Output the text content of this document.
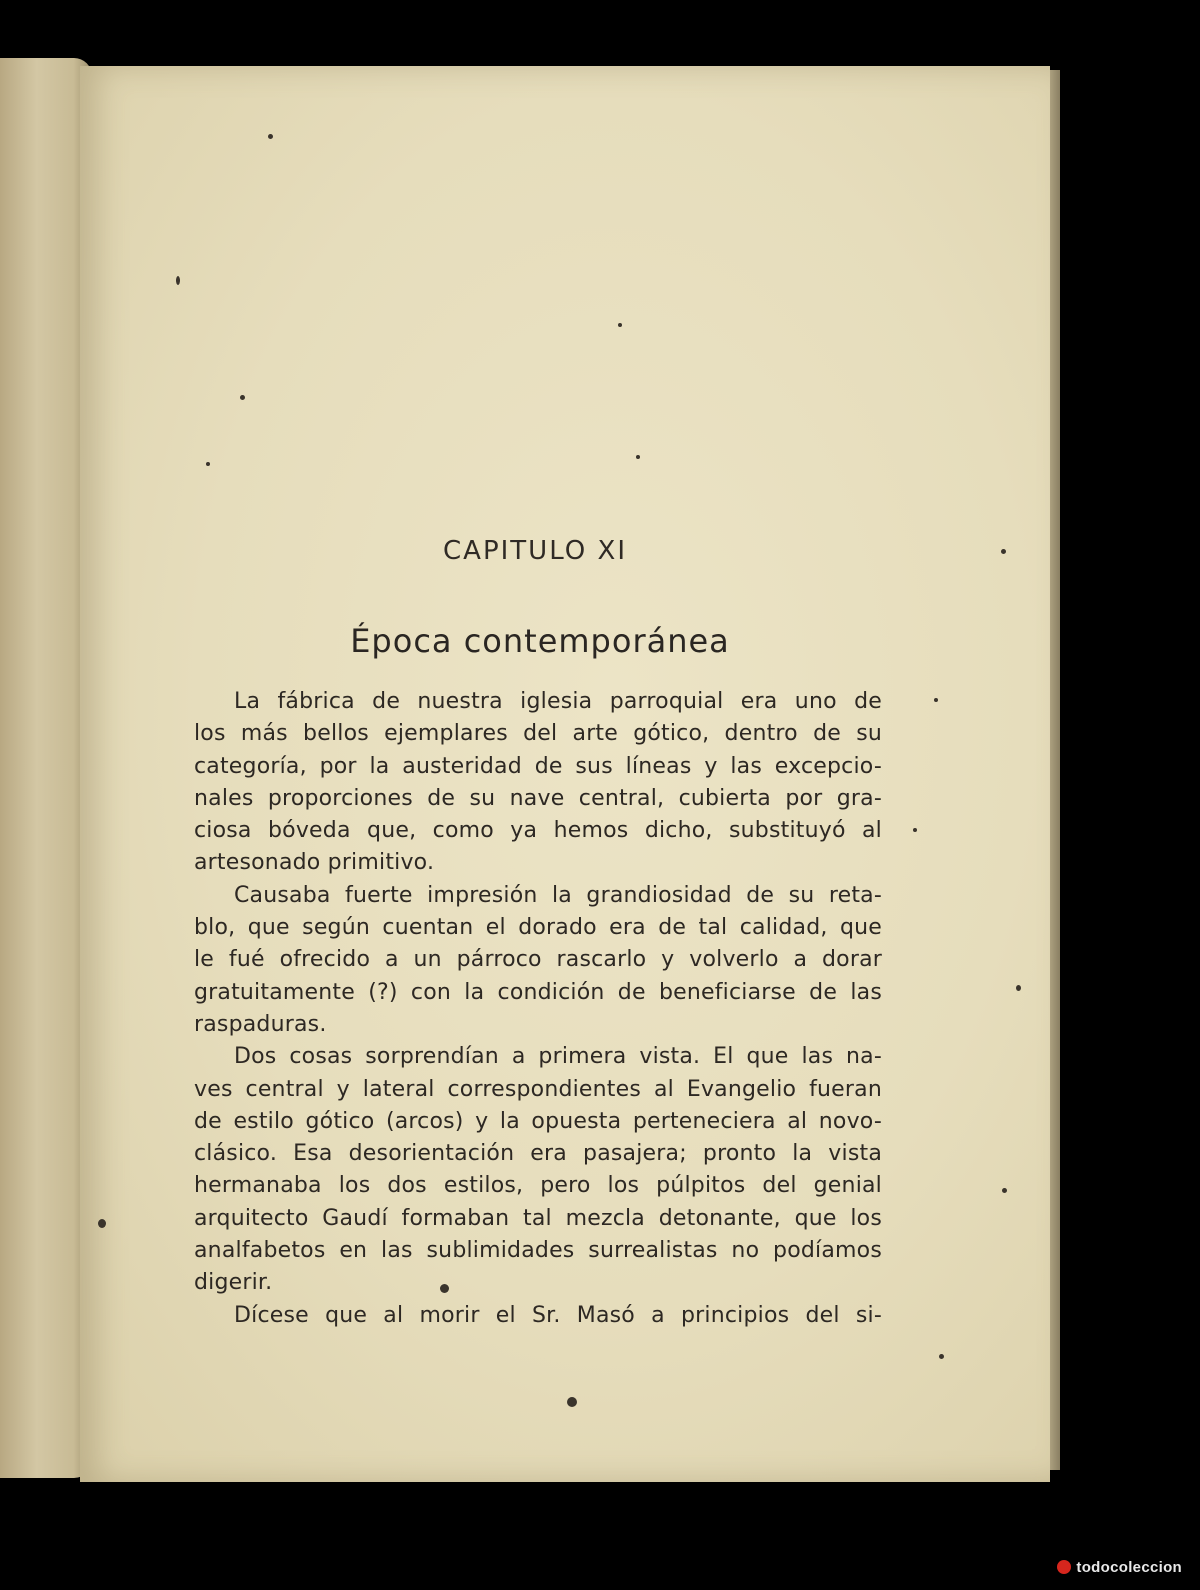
CAPITULO XI
Época contemporánea
La fábrica de nuestra iglesia parroquial era uno de
los más bellos ejemplares del arte gótico, dentro de su
categoría, por la austeridad de sus líneas y las excepcio-
nales proporciones de su nave central, cubierta por gra-
ciosa bóveda que, como ya hemos dicho, substituyó al
artesonado primitivo.
Causaba fuerte impresión la grandiosidad de su reta-
blo, que según cuentan el dorado era de tal calidad, que
le fué ofrecido a un párroco rascarlo y volverlo a dorar
gratuitamente (?) con la condición de beneficiarse de las
raspaduras.
Dos cosas sorprendían a primera vista. El que las na-
ves central y lateral correspondientes al Evangelio fueran
de estilo gótico (arcos) y la opuesta perteneciera al novo-
clásico. Esa desorientación era pasajera; pronto la vista
hermanaba los dos estilos, pero los púlpitos del genial
arquitecto Gaudí formaban tal mezcla detonante, que los
analfabetos en las sublimidades surrealistas no podíamos
digerir.
Dícese que al morir el Sr. Masó a principios del si-
todocoleccion
